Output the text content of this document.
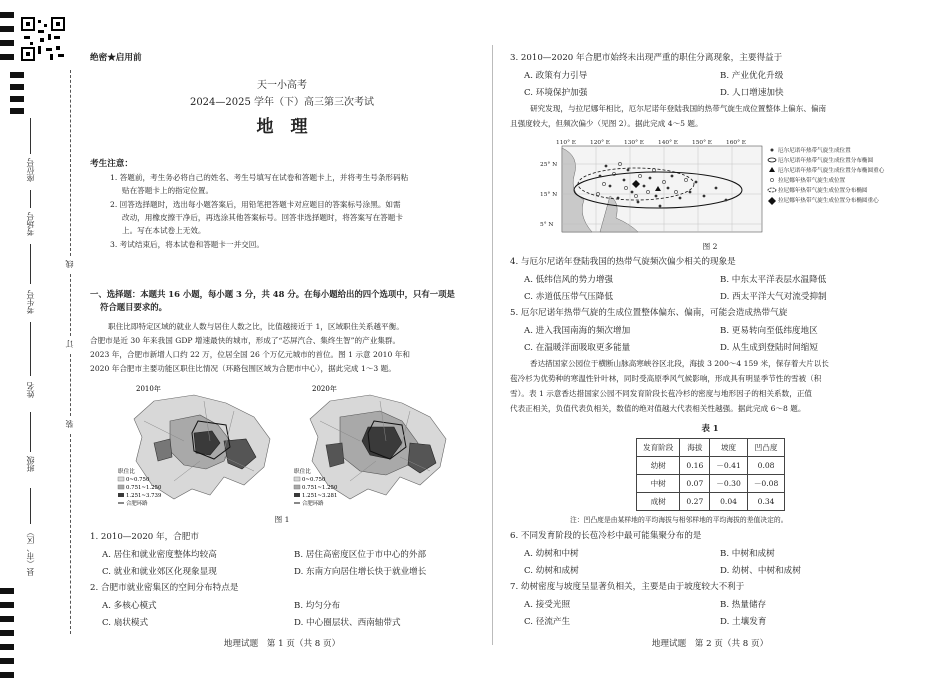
座位号
考场号
考生号
姓名
班级
县（市、区）
线
订
装
绝密★启用前
天一小高考
2024—2025 学年（下）高三第三次考试
地　理
考生注意：
1. 答题前，考生务必将自己的姓名、考生号填写在试卷和答题卡上，并将考生号条形码粘
贴在答题卡上的指定位置。
2. 回答选择题时，选出每小题答案后，用铅笔把答题卡对应题目的答案标号涂黑。如需
改动，用橡皮擦干净后，再选涂其他答案标号。回答非选择题时，将答案写在答题卡
上。写在本试卷上无效。
3. 考试结束后，将本试卷和答题卡一并交回。
一、选择题：本题共 16 小题，每小题 3 分，共 48 分。在每小题给出的四个选项中，只有一项是
符合题目要求的。
职住比即特定区域的就业人数与居住人数之比，比值越接近于 1，区域职住关系越平衡。
合肥市是近 30 年来我国 GDP 增速最快的城市，形成了“芯屏汽合、集终生智”的产业集群。
2023 年，合肥市新增人口约 22 万，位居全国 26 个万亿元城市的首位。图 1 示意 2010 年和
2020 年合肥市主要功能区职住比情况（环路包围区域为合肥市中心），据此完成 1～3 题。
2010年
职住比
0~0.750
0.751~1.250
1.251~3.739
合肥环路
2020年
职住比
0~0.750
0.751~1.250
1.251~3.281
合肥环路
图 1
1. 2010—2020 年，合肥市
A. 居住和就业密度整体均较高	B. 居住高密度区位于市中心的外部
C. 就业和就业郊区化现象显现	D. 东南方向居住增长快于就业增长
2. 合肥市就业密集区的空间分布特点是
A. 多核心模式	B. 均匀分布
C. 扇状模式	D. 中心圈层状、西南轴带式
地理试题　第 1 页（共 8 页）
3. 2010—2020 年合肥市始终未出现严重的职住分离现象，主要得益于
A. 政策有力引导	B. 产业优化升级
C. 环境保护加强	D. 人口增速加快
研究发现，与拉尼娜年相比，厄尔尼诺年登陆我国的热带气旋生成位置整体上偏东、偏南
且强度较大，但频次偏少（见图 2）。据此完成 4～5 题。
110° E 120° E 130° E 140° E 150° E 160° E
25° N
15° N
5° N
厄尔尼诺年热带气旋生成位置
厄尔尼诺年热带气旋生成位置分布椭圆
厄尔尼诺年热带气旋生成位置分布椭圆重心
拉尼娜年热带气旋生成位置
拉尼娜年热带气旋生成位置分布椭圆
拉尼娜年热带气旋生成位置分布椭圆重心
图 2
4. 与厄尔尼诺年登陆我国的热带气旋频次偏少相关的现象是
A. 低纬信风的势力增强	B. 中东太平洋表层水温降低
C. 赤道低压带气压降低	D. 西太平洋大气对流受抑制
5. 厄尔尼诺年热带气旋的生成位置整体偏东、偏南，可能会造成热带气旋
A. 进入我国南海的频次增加	B. 更易转向至低纬度地区
C. 在温暖洋面吸取更多能量	D. 从生成到登陆时间缩短
香达措国家公园位于横断山脉高寒峡谷区北段，海拔 3 200～4 159 米，保存着大片以长
苞冷杉为优势种的寒温性针叶林，同时受高原季风气候影响，形成具有明显季节性的雪被（积
雪）。表 1 示意香达措国家公园不同发育阶段长苞冷杉的密度与地形因子的相关系数，正值
代表正相关，负值代表负相关，数值的绝对值越大代表相关性越强。据此完成 6～8 题。
表 1
发育阶段	海拔	坡度	凹凸度
幼树	0.16	－0.41	0.08
中树	0.07	－0.30	－0.08
成树	0.27	0.04	0.34
注：凹凸度是由某样地的平均海拔与相邻样地的平均海拔的差值决定的。
6. 不同发育阶段的长苞冷杉中最可能集聚分布的是
A. 幼树和中树	B. 中树和成树
C. 幼树和成树	D. 幼树、中树和成树
7. 幼树密度与坡度呈显著负相关，主要是由于坡度较大不利于
A. 接受光照	B. 热量储存
C. 径流产生	D. 土壤发育
地理试题　第 2 页（共 8 页）
